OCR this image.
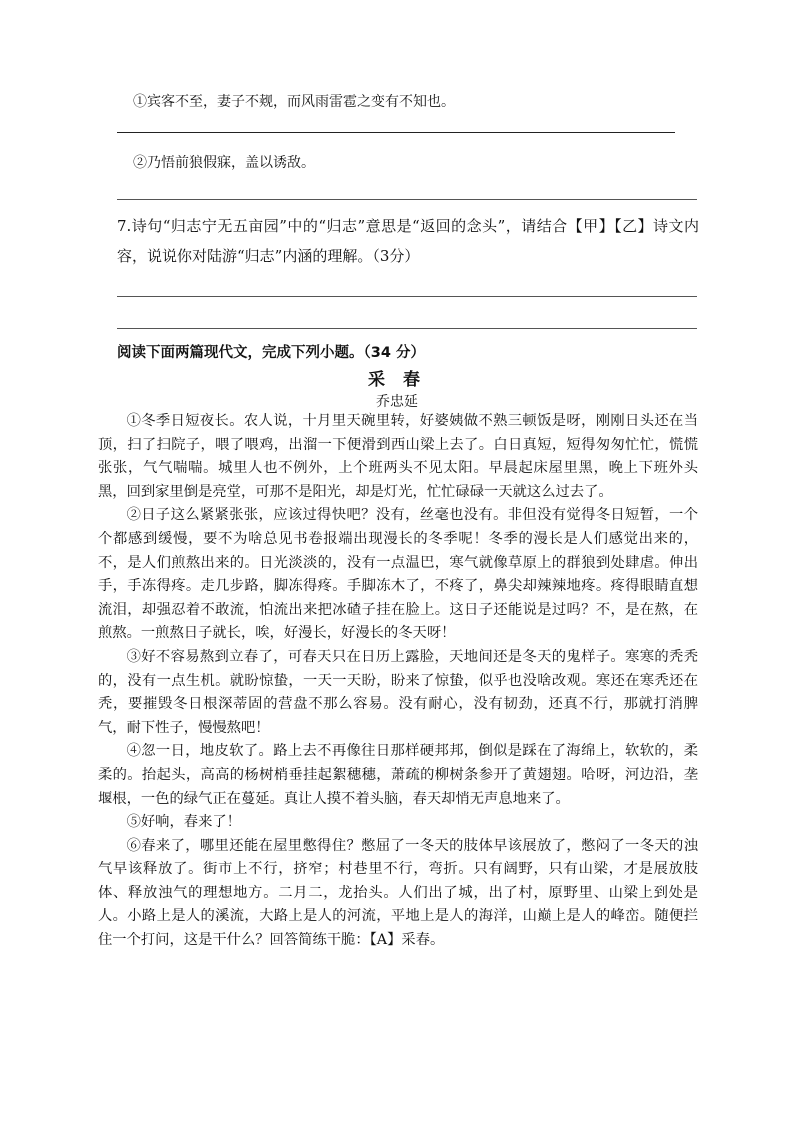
①宾客不至，妻子不觌，而风雨雷雹之变有不知也。
②乃悟前狼假寐，盖以诱敌。
7.诗句“归志宁无五亩园”中的“归志”意思是“返回的念头”，请结合【甲】【乙】诗文内容，说说你对陆游“归志”内涵的理解。（3分）
阅读下面两篇现代文，完成下列小题。（34 分）
采 春
乔忠延

①冬季日短夜长。农人说，十月里天碗里转，好婆姨做不熟三顿饭是呀，刚刚日头还在当顶，扫了扫院子，喂了喂鸡，出溜一下便滑到西山梁上去了。白日真短，短得匆匆忙忙，慌慌张张，气气喘喘。城里人也不例外，上个班两头不见太阳。早晨起床屋里黑，晚上下班外头黑，回到家里倒是亮堂，可那不是阳光，却是灯光，忙忙碌碌一天就这么过去了。

②日子这么紧紧张张，应该过得快吧？没有，丝毫也没有。非但没有觉得冬日短暂，一个个都感到缓慢，要不为啥总见书卷报端出现漫长的冬季呢！冬季的漫长是人们感觉出来的，不，是人们煎熬出来的。日光淡淡的，没有一点温巴，寒气就像草原上的群狼到处肆虐。伸出手，手冻得疼。走几步路，脚冻得疼。手脚冻木了，不疼了，鼻尖却辣辣地疼。疼得眼睛直想流泪，却强忍着不敢流，怕流出来把冰碴子挂在脸上。这日子还能说是过吗？不，是在熬，在煎熬。一煎熬日子就长，唉，好漫长，好漫长的冬天呀！

③好不容易熬到立春了，可春天只在日历上露脸，天地间还是冬天的鬼样子。寒寒的秃秃的，没有一点生机。就盼惊蛰，一天一天盼，盼来了惊蛰，似乎也没啥改观。寒还在寒秃还在秃，要摧毁冬日根深蒂固的营盘不那么容易。没有耐心，没有韧劲，还真不行，那就打消脾气，耐下性子，慢慢熬吧！

④忽一日，地皮软了。路上去不再像往日那样硬邦邦，倒似是踩在了海绵上，软软的，柔柔的。抬起头，高高的杨树梢垂挂起絮穗穗，萧疏的柳树条参开了黄翅翅。哈呀，河边沿，垄堰根，一色的绿气正在蔓延。真让人摸不着头脑，春天却悄无声息地来了。

⑤好响，春来了！

⑥春来了，哪里还能在屋里憋得住？憋屈了一冬天的肢体早该展放了，憋闷了一冬天的浊气早该释放了。街市上不行，挤窄；村巷里不行，弯折。只有阔野，只有山梁，才是展放肢体、释放浊气的理想地方。二月二，龙抬头。人们出了城，出了村，原野里、山梁上到处是人。小路上是人的溪流，大路上是人的河流，平地上是人的海洋，山巅上是人的峰峦。随便拦住一个打问，这是干什么？回答简练干脆：【A】采春。
